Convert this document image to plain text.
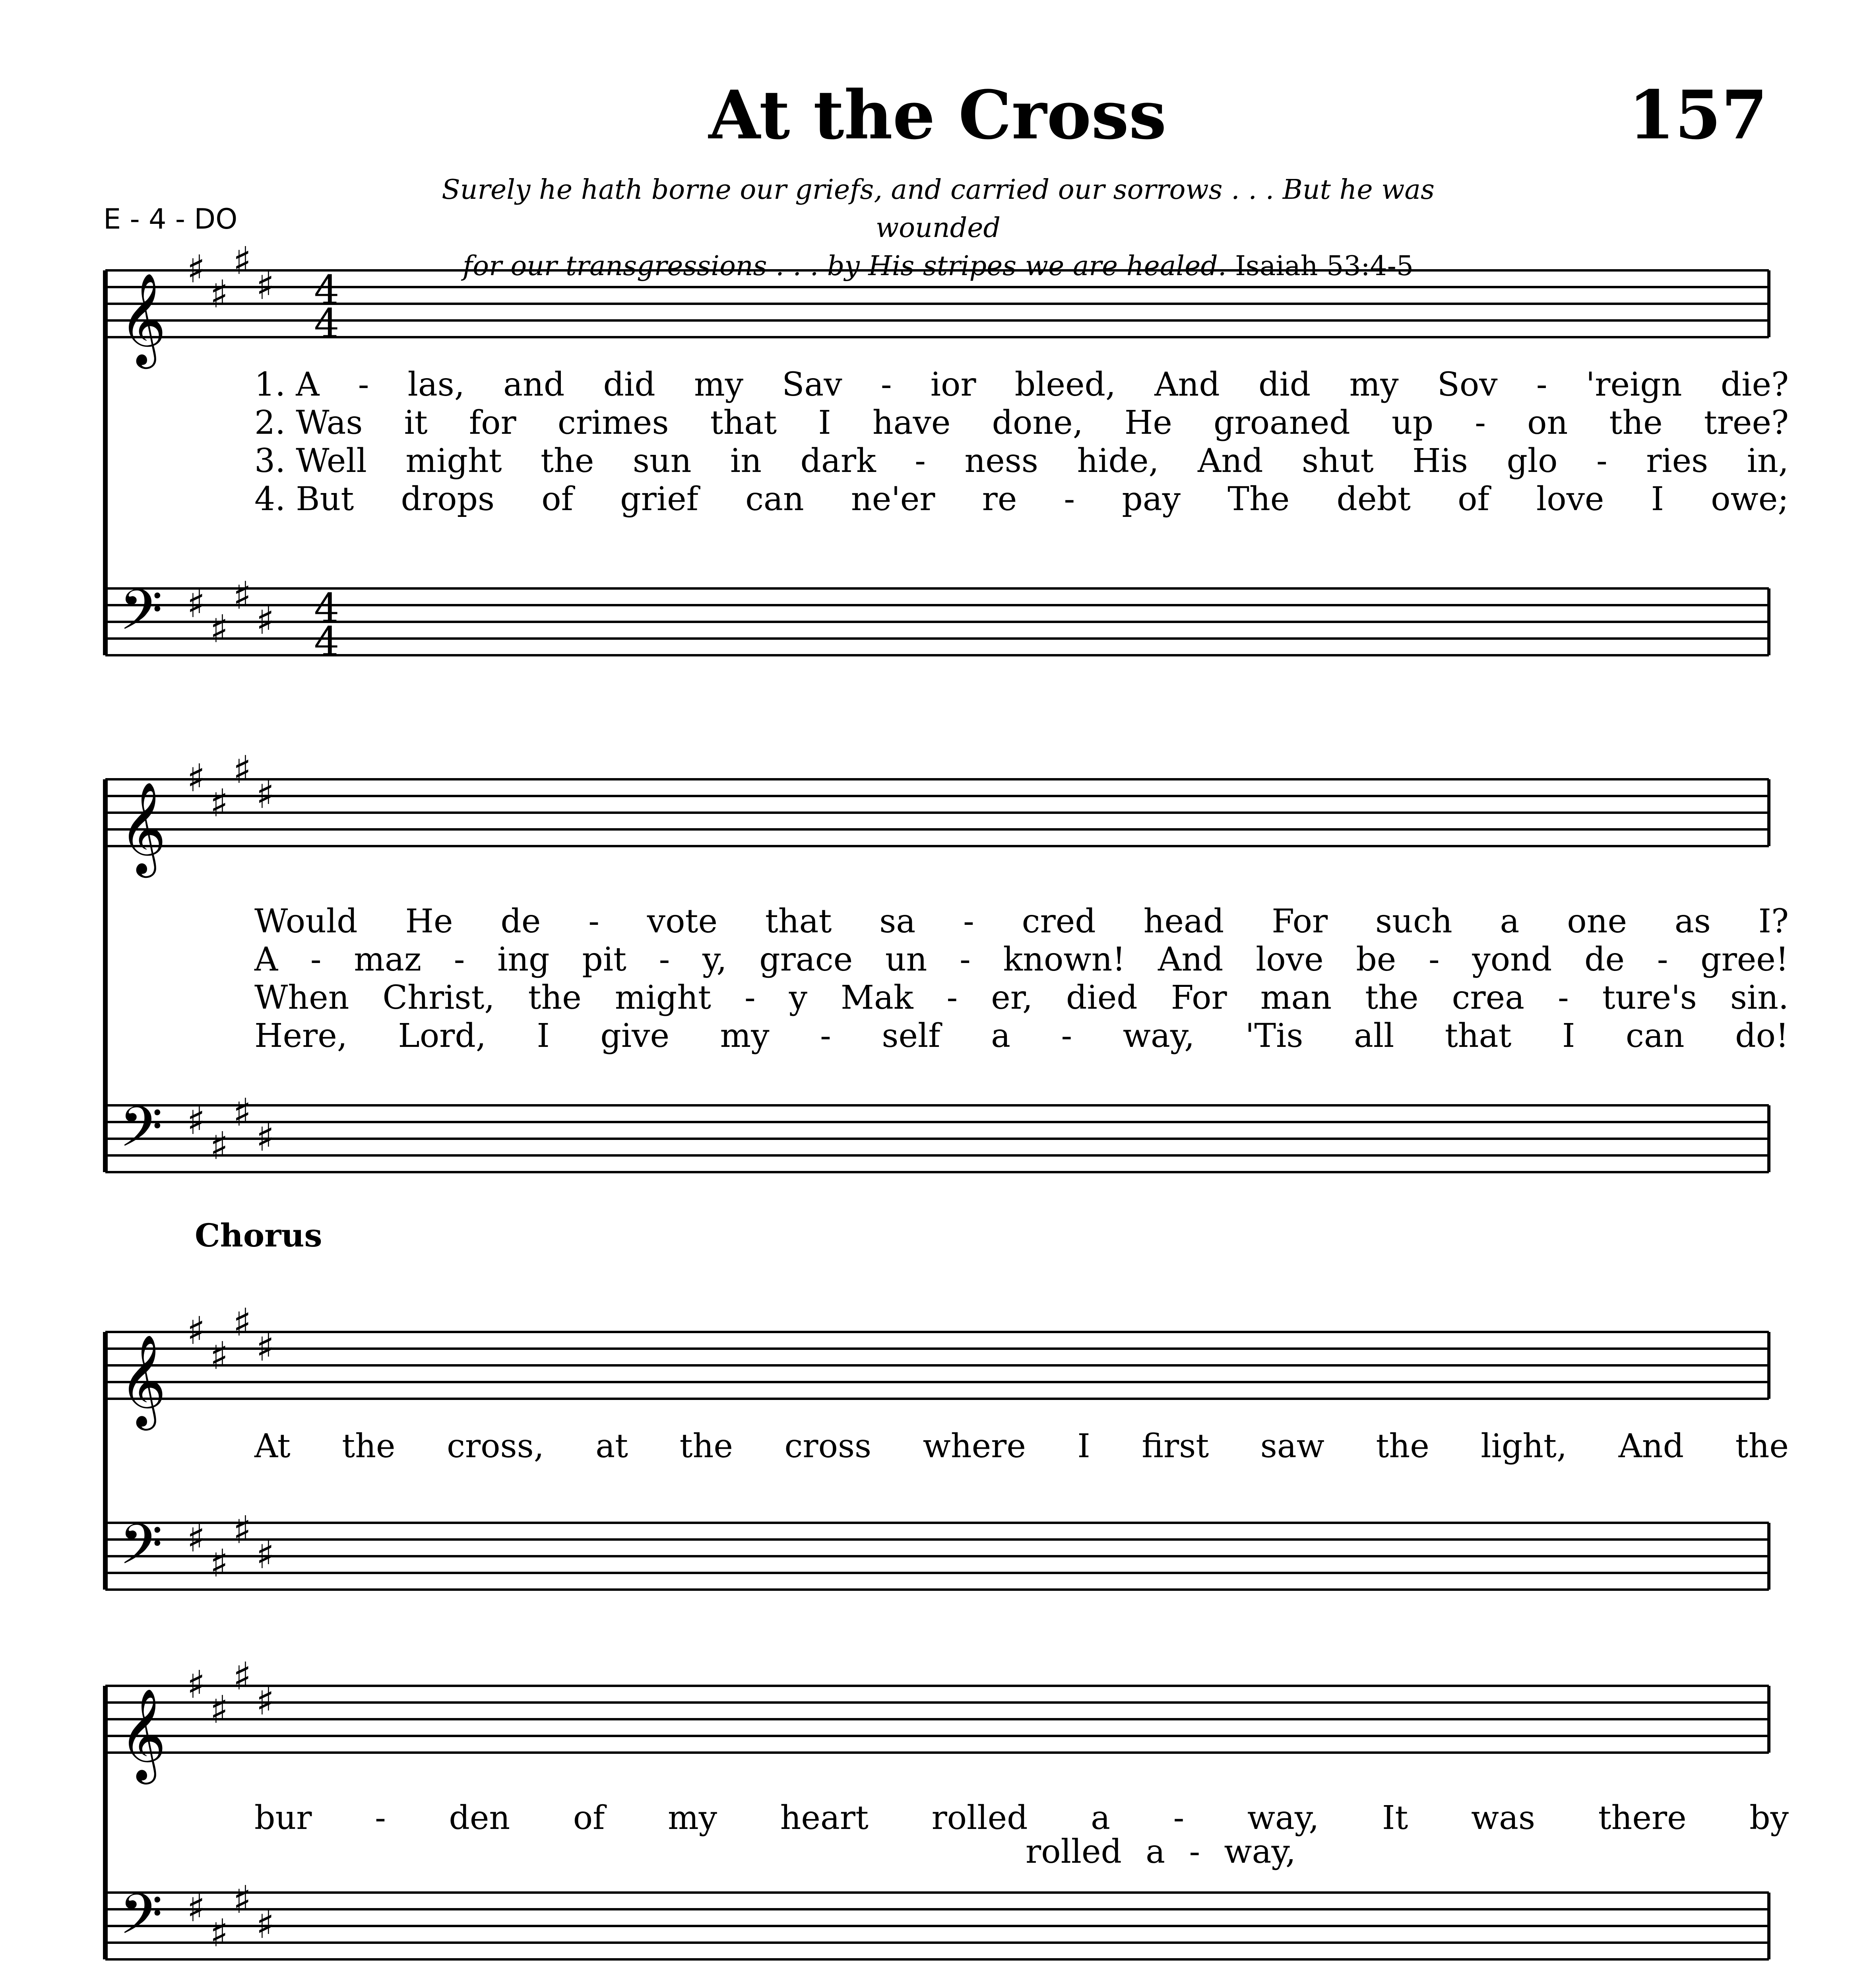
At the Cross	157
E - 4 - DO
Surely he hath borne our griefs, and carried our sorrows . . . But he was wounded
for our transgressions . . . by His stripes we are healed. Isaiah 53:4-5
𝄞
𝄢
♯
♯
♯
♯
♯
♯
♯
♯
4
4
4
4
𝄞
𝄢
♯
♯
♯
♯
♯
♯
♯
♯
𝄞
𝄢
♯
♯
♯
♯
♯
♯
♯
♯
𝄞
𝄢
♯
♯
♯
♯
♯
♯
♯
♯
1. A - las, and did my Sav - ior bleed, And did my Sov - 'reign die?
2. Was it for crimes that I have done, He groaned up - on the tree?
3. Well might the sun in dark - ness hide, And shut His glo - ries in,
4. But drops of grief can ne'er re - pay The debt of love I owe;
Would He de - vote that sa - cred head For such a one as I?
A - maz - ing pit - y, grace un - known! And love be - yond de - gree!
When Christ, the might - y Mak - er, died For man the crea - ture's sin.
Here, Lord, I give my - self a - way, 'Tis all that I can do!
Chorus
At the cross, at the cross where I first saw the light, And the
bur - den of my heart rolled a - way, It was there by
rolled a - way,
